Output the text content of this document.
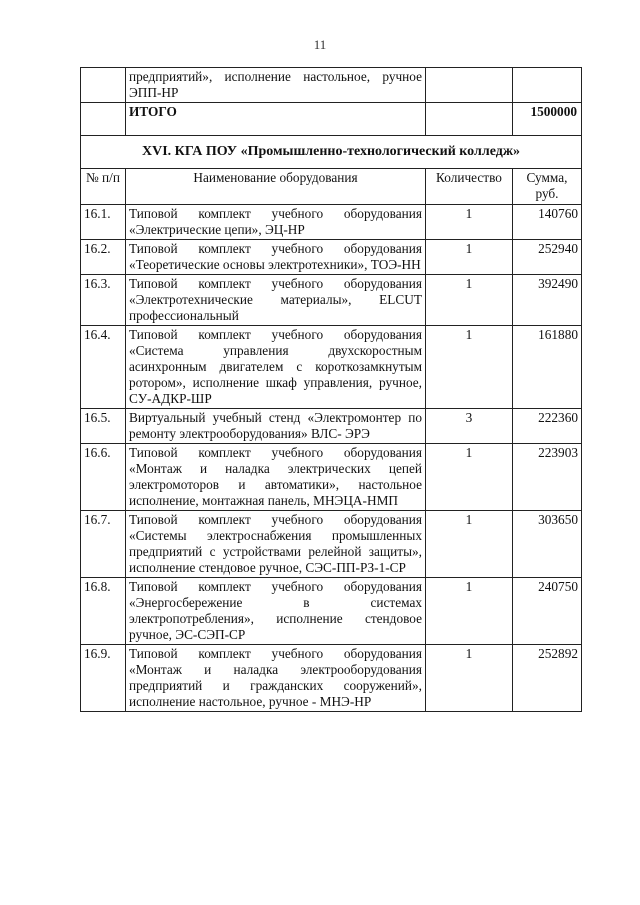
11
	предприятий», исполнение настольное, ручное ЭПП-НР		
	ИТОГО		1500000
XVI. КГА ПОУ «Промышленно-технологический колледж»			
№ п/п	Наименование оборудования	Количество	Сумма, руб.
16.1.	Типовой комплект учебного оборудования «Электрические цепи», ЭЦ-НР	1	140760
16.2.	Типовой комплект учебного оборудования «Теоретические основы электротехники», ТОЭ-НН	1	252940
16.3.	Типовой комплект учебного оборудования «Электротехнические материалы», ELCUT профессиональный	1	392490
16.4.	Типовой комплект учебного оборудования «Система управления двухскоростным асинхронным двигателем с короткозамкнутым ротором», исполнение шкаф управления, ручное, СУ-АДКР-ШР	1	161880
16.5.	Виртуальный учебный стенд «Электромонтер по ремонту электрооборудования» ВЛС- ЭРЭ	3	222360
16.6.	Типовой комплект учебного оборудования «Монтаж и наладка электрических цепей электромоторов и автоматики», настольное исполнение, монтажная панель, МНЭЦА-НМП	1	223903
16.7.	Типовой комплект учебного оборудования «Системы электроснабжения промышленных предприятий с устройствами релейной защиты», исполнение стендовое ручное, СЭС-ПП-РЗ-1-СР	1	303650
16.8.	Типовой комплект учебного оборудования «Энергосбережение в системах электропотребления», исполнение стендовое ручное, ЭС-СЭП-СР	1	240750
16.9.	Типовой комплект учебного оборудования «Монтаж и наладка электрооборудования предприятий и гражданских сооружений», исполнение настольное, ручное - МНЭ-НР	1	252892
